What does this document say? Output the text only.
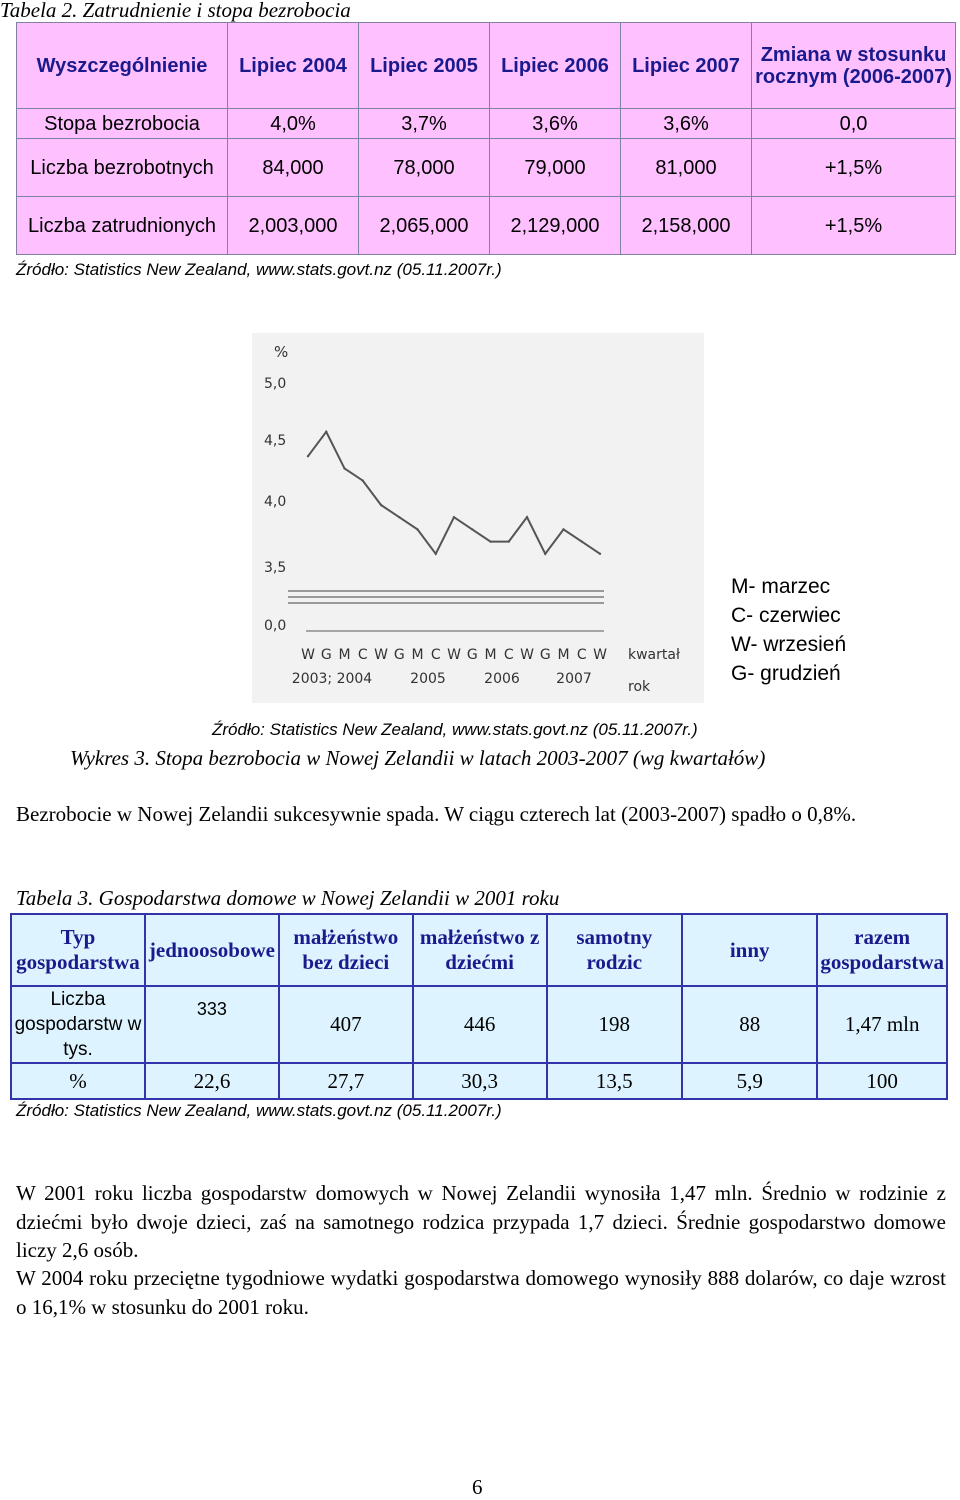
Tabela 2. Zatrudnienie i stopa bezrobocia
Wyszczególnienie	Lipiec 2004	Lipiec 2005	Lipiec 2006	Lipiec 2007	Zmiana w stosunku rocznym (2006-2007)
Stopa bezrobocia	4,0%	3,7%	3,6%	3,6%	0,0
Liczba bezrobotnych	84,000	78,000	79,000	81,000	+1,5%
Liczba zatrudnionych	2,003,000	2,065,000	2,129,000	2,158,000	+1,5%
Źródło: Statistics New Zealand, www.stats.govt.nz (05.11.2007r.)
%
5,0
4,5
4,0
3,5
0,0
W G M C W G M C W G M C W G M C W
2003; 2004	2005	2006	2007
kwartał
rok
M- marzec
C- czerwiec
W- wrzesień
G- grudzień
Źródło: Statistics New Zealand, www.stats.govt.nz (05.11.2007r.)
Wykres 3. Stopa bezrobocia w Nowej Zelandii w latach 2003-2007 (wg kwartałów)
Bezrobocie w Nowej Zelandii sukcesywnie spada. W ciągu czterech lat (2003-2007) spadło o 0,8%.
Tabela 3. Gospodarstwa domowe w Nowej Zelandii w 2001 roku
Typ gospodarstwa	jednoosobowe	małżeństwo bez dzieci	małżeństwo z dziećmi	samotny rodzic	inny	razem gospodarstwa
Liczba gospodarstw w tys.	333	407	446	198	88	1,47 mln
%	22,6	27,7	30,3	13,5	5,9	100
Źródło: Statistics New Zealand, www.stats.govt.nz (05.11.2007r.)
W 2001 roku liczba gospodarstw domowych w Nowej Zelandii wynosiła 1,47 mln. Średnio w rodzinie z dziećmi było dwoje dzieci, zaś na samotnego rodzica przypada 1,7 dzieci. Średnie gospodarstwo domowe liczy 2,6 osób.
W 2004 roku przeciętne tygodniowe wydatki gospodarstwa domowego wynosiły 888 dolarów, co daje wzrost o 16,1% w stosunku do 2001 roku.
6
